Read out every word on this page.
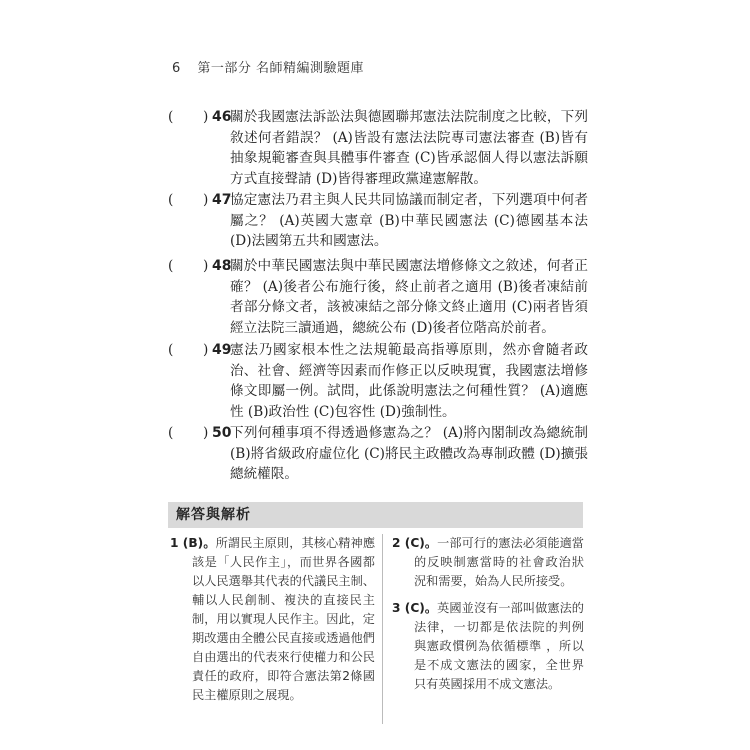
6 第一部分 名師精編測驗題庫
( ) 46
關於我國憲法訴訟法與德國聯邦憲法法院制度之比較，下列敘述何者錯誤？ (A)皆設有憲法法院專司憲法審查 (B)皆有抽象規範審查與具體事件審查 (C)皆承認個人得以憲法訴願方式直接聲請 (D)皆得審理政黨違憲解散。
( ) 47
協定憲法乃君主與人民共同協議而制定者，下列選項中何者屬之？ (A)英國大憲章 (B)中華民國憲法 (C)德國基本法 (D)法國第五共和國憲法。
( ) 48
關於中華民國憲法與中華民國憲法增修條文之敘述，何者正確？ (A)後者公布施行後，終止前者之適用 (B)後者凍結前者部分條文者，該被凍結之部分條文終止適用 (C)兩者皆須經立法院三讀通過，總統公布 (D)後者位階高於前者。
( ) 49
憲法乃國家根本性之法規範最高指導原則，然亦會隨者政治、社會、經濟等因素而作修正以反映現實，我國憲法增修條文即屬一例。試問，此係說明憲法之何種性質？ (A)適應性 (B)政治性 (C)包容性 (D)強制性。
( ) 50
下列何種事項不得透過修憲為之？ (A)將內閣制改為總統制 (B)將省級政府虛位化 (C)將民主政體改為專制政體 (D)擴張總統權限。
解答與解析
1 (B)。所謂民主原則，其核心精神應該是「人民作主」，而世界各國都以人民選舉其代表的代議民主制、輔以人民創制、複決的直接民主制，用以實現人民作主。因此，定期改選由全體公民直接或透過他們自由選出的代表來行使權力和公民責任的政府，即符合憲法第2條國民主權原則之展現。
2 (C)。一部可行的憲法必須能適當的反映制憲當時的社會政治狀況和需要，始為人民所接受。
3 (C)。英國並沒有一部叫做憲法的法律，一切都是依法院的判例與憲政慣例為依循標準 ，所以是不成文憲法的國家，全世界只有英國採用不成文憲法。
